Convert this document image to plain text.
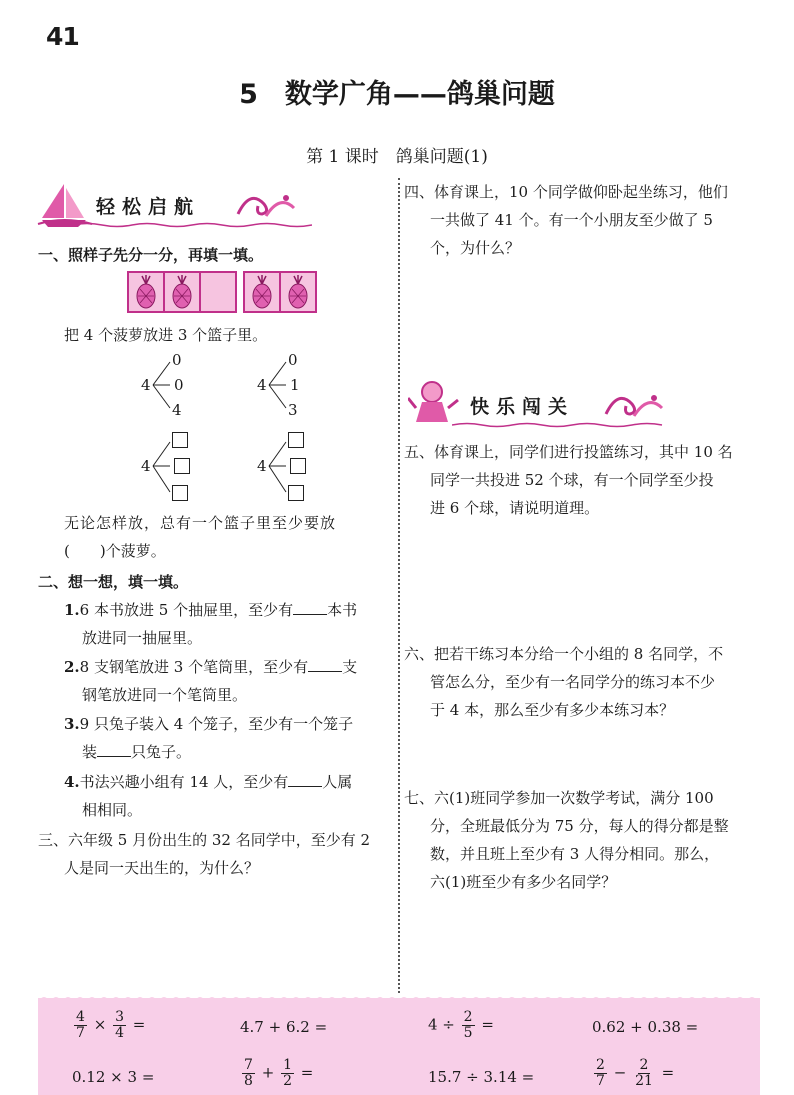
41
5　数学广角——鸽巢问题
第 1 课时　鸽巢问题(1)
轻松启航
一、照样子先分一分，再填一填。
把 4 个菠萝放进 3 个篮子里。
4
0
0
4
4
0
1
3
4	4
无论怎样放，总有一个篮子里至少要放
(　　)个菠萝。
二、想一想，填一填。
1.6 本书放进 5 个抽屉里，至少有 本书
放进同一抽屉里。
2.8 支钢笔放进 3 个笔筒里，至少有 支
钢笔放进同一个笔筒里。
3.9 只兔子装入 4 个笼子，至少有一个笼子
装 只兔子。
4.书法兴趣小组有 14 人，至少有 人属
相相同。
三、六年级 5 月份出生的 32 名同学中，至少有 2
人是同一天出生的，为什么？
四、体育课上，10 个同学做仰卧起坐练习，他们
一共做了 41 个。有一个小朋友至少做了 5
个，为什么？
快乐闯关
五、体育课上，同学们进行投篮练习，其中 10 名
同学一共投进 52 个球，有一个同学至少投
进 6 个球，请说明道理。
六、把若干练习本分给一个小组的 8 名同学，不
管怎么分，至少有一名同学分的练习本不少
于 4 本，那么至少有多少本练习本？
七、六(1)班同学参加一次数学考试，满分 100
分，全班最低分为 75 分，每人的得分都是整
数，并且班上至少有 3 人得分相同。那么，
六(1)班至少有多少名同学？
$\frac{4}{7} \times \frac{3}{4}$ =	4.7 + 6.2 =	$4 \div \frac{2}{5}$ =	0.62 + 0.38 =
0.12 × 3 =	$\frac{7}{8} + \frac{1}{2}$ =	15.7 ÷ 3.14 =	$\frac{2}{7} - \frac{2}{21}$ =
